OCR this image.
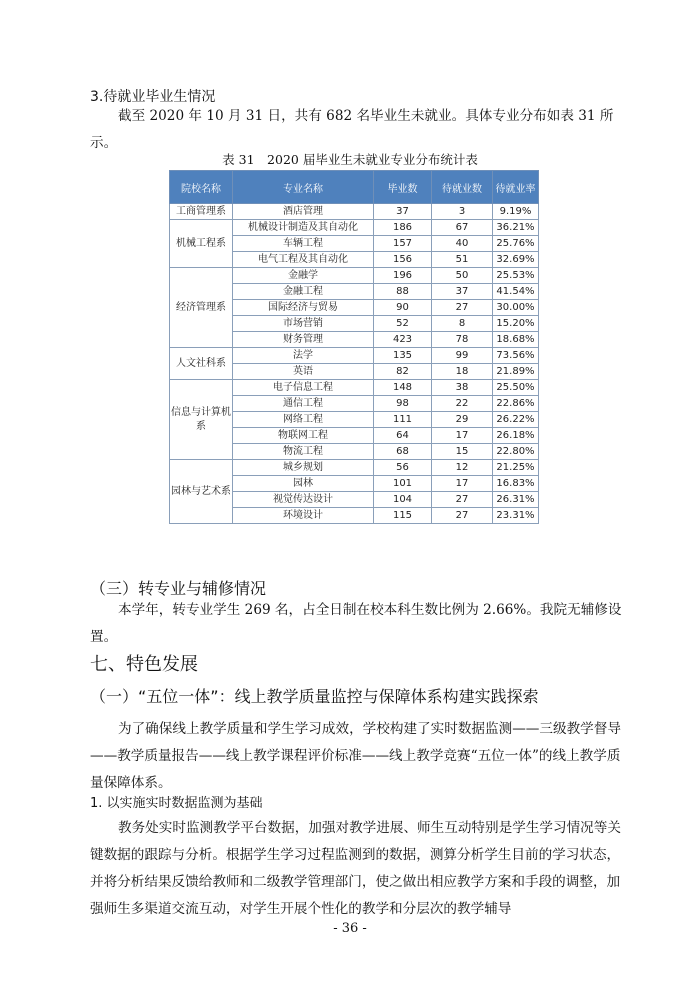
3.待就业毕业生情况

截至 2020 年 10 月 31 日，共有 682 名毕业生未就业。具体专业分布如表 31 所示。

表 31　2020 届毕业生未就业专业分布统计表
院校名称	专业名称	毕业数	待就业数	待就业率
工商管理系	酒店管理	37	3	9.19%
机械工程系	机械设计制造及其自动化	186	67	36.21%
	车辆工程	157	40	25.76%
	电气工程及其自动化	156	51	32.69%
经济管理系	金融学	196	50	25.53%
	金融工程	88	37	41.54%
	国际经济与贸易	90	27	30.00%
	市场营销	52	8	15.20%
	财务管理	423	78	18.68%
人文社科系	法学	135	99	73.56%
	英语	82	18	21.89%
信息与计算机系	电子信息工程	148	38	25.50%
	通信工程	98	22	22.86%
	网络工程	111	29	26.22%
	物联网工程	64	17	26.18%
	物流工程	68	15	22.80%
园林与艺术系	城乡规划	56	12	21.25%
	园林	101	17	16.83%
	视觉传达设计	104	27	26.31%
	环境设计	115	27	23.31%
（三）转专业与辅修情况

本学年，转专业学生 269 名，占全日制在校本科生数比例为 2.66%。我院无辅修设置。

七、特色发展
（一）“五位一体”：线上教学质量监控与保障体系构建实践探索

为了确保线上教学质量和学生学习成效，学校构建了实时数据监测——三级教学督导——教学质量报告——线上教学课程评价标准——线上教学竞赛“五位一体”的线上教学质量保障体系。

1. 以实施实时数据监测为基础

教务处实时监测教学平台数据，加强对教学进展、师生互动特别是学生学习情况等关键数据的跟踪与分析。根据学生学习过程监测到的数据，测算分析学生目前的学习状态，并将分析结果反馈给教师和二级教学管理部门，使之做出相应教学方案和手段的调整，加强师生多渠道交流互动，对学生开展个性化的教学和分层次的教学辅导

- 36 -
